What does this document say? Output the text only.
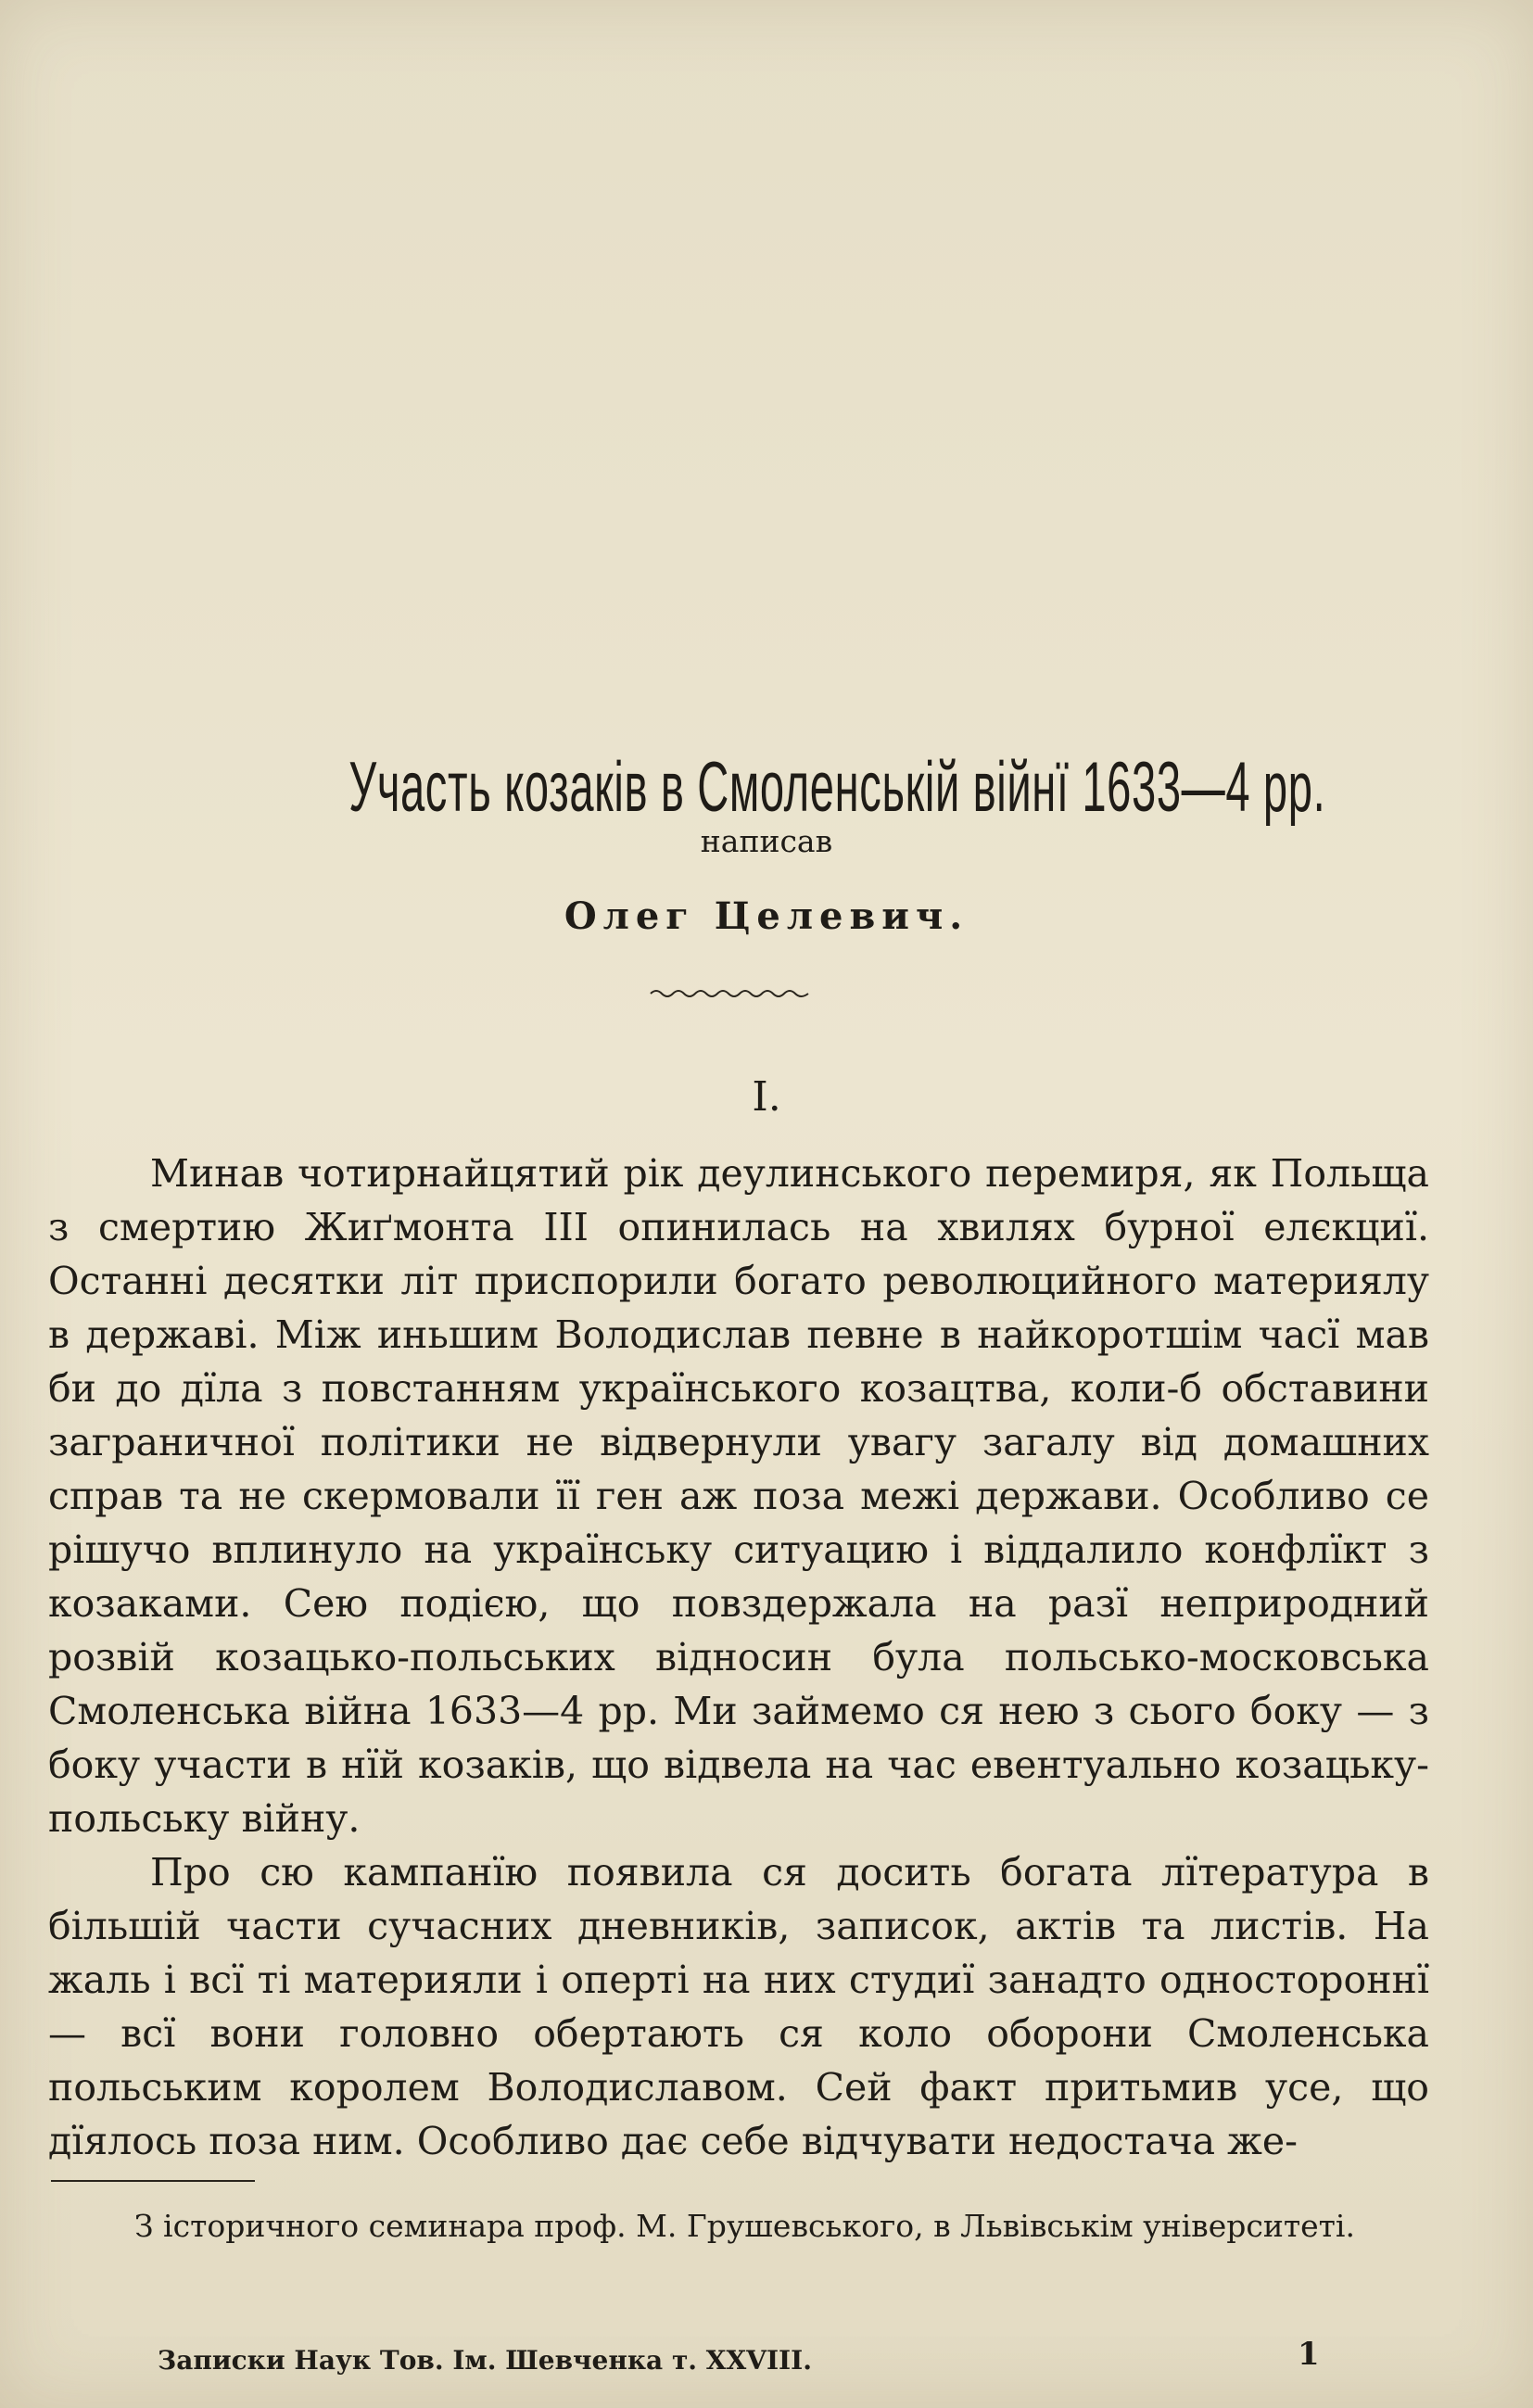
Участь козаків в Смоленській війнї 1633—4 рр.
написав
Олег Целевич.
I.

Минав чотирнайцятий рік деулинського перемиря, як Польща з смертию Жиґмонта III опинилась на хвилях бурної елєкциї. Останні десятки літ приспорили богато революцийного материялу в державі. Між иньшим Володислав певне в найкоротшім часї мав би до дїла з повстанням українського козацтва, коли-б обставини заграничної політики не відвернули увагу загалу від домашних справ та не скермовали її ген аж поза межі держави. Особливо се рішучо вплинуло на українську ситуацию і віддалило конфлїкт з козаками. Сею подією, що повздержала на разї неприродний розвій козацько-польських відносин була польсько-московська Смоленська війна 1633—4 рр. Ми займемо ся нею з сього боку — з боку участи в нїй козаків, що відвела на час евентуально козацьку-польську війну.

Про сю кампанїю появила ся досить богата лїтература в більшій части сучасних дневників, записок, актів та листів. На жаль і всї ті материяли і оперті на них студиї занадто одностороннї — всї вони головно обертають ся коло оборони Смоленська польським королем Володиславом. Сей факт притьмив усе, що дїялось поза ним. Особливо дає себе відчувати недостача же-

З історичного семинара проф. М. Грушевського, в Львівськім університеті.
Записки Наук Тов. Ім. Шевченка т. XXVIII.	1
